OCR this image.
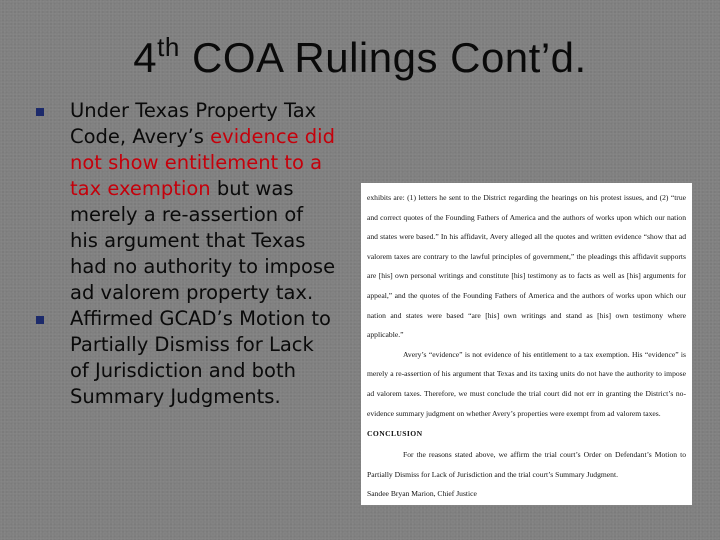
4th COA Rulings Cont’d.
Under Texas Property Tax Code, Avery’s evidence did not show entitlement to a tax exemption but was merely a re-assertion of his argument that Texas had no authority to impose ad valorem property tax.
Affirmed GCAD’s Motion to Partially Dismiss for Lack of Jurisdiction and both Summary Judgments.

exhibits are: (1) letters he sent to the District regarding the hearings on his protest issues, and (2) “true and correct quotes of the Founding Fathers of America and the authors of works upon which our nation and states were based.” In his affidavit, Avery alleged all the quotes and written evidence “show that ad valorem taxes are contrary to the lawful principles of government,” the pleadings this affidavit supports are [his] own personal writings and constitute [his] testimony as to facts as well as [his] arguments for appeal,” and the quotes of the Founding Fathers of America and the authors of works upon which our nation and states were based “are [his] own writings and stand as [his] own testimony where applicable.”

Avery’s “evidence” is not evidence of his entitlement to a tax exemption. His “evidence” is merely a re-assertion of his argument that Texas and its taxing units do not have the authority to impose ad valorem taxes. Therefore, we must conclude the trial court did not err in granting the District’s no-evidence summary judgment on whether Avery’s properties were exempt from ad valorem taxes.

CONCLUSION

For the reasons stated above, we affirm the trial court’s Order on Defendant’s Motion to Partially Dismiss for Lack of Jurisdiction and the trial court’s Summary Judgment.

Sandee Bryan Marion, Chief Justice
